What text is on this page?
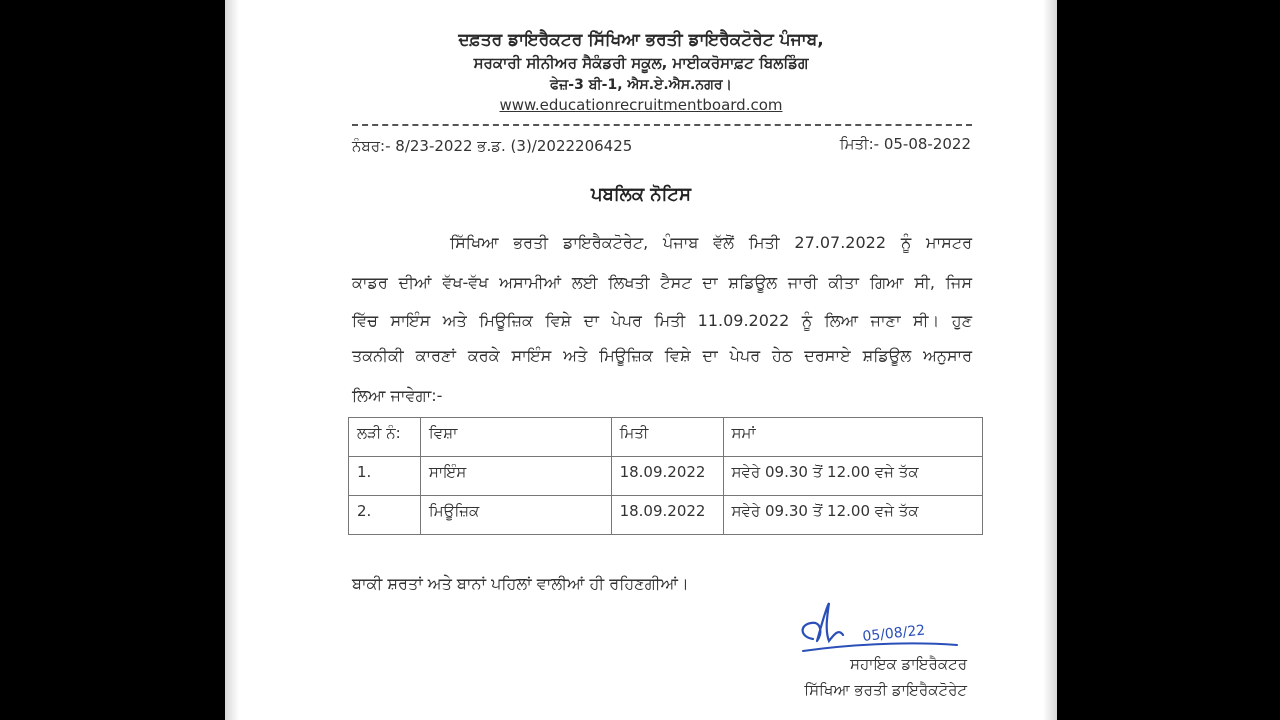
ਦਫ਼ਤਰ ਡਾਇਰੈਕਟਰ ਸਿੱਖਿਆ ਭਰਤੀ ਡਾਇਰੈਕਟੋਰੇਟ ਪੰਜਾਬ,
ਸਰਕਾਰੀ ਸੀਨੀਅਰ ਸੈਕੰਡਰੀ ਸਕੂਲ, ਮਾਈਕਰੋਸਾਫ਼ਟ ਬਿਲਡਿੰਗ
ਫੇਜ਼-3 ਬੀ-1, ਐਸ.ਏ.ਐਸ.ਨਗਰ।
www.educationrecruitmentboard.com
ਨੰਬਰ:- 8/23-2022 ਭ.ਡ. (3)/2022206425	ਮਿਤੀ:- 05-08-2022
ਪਬਲਿਕ ਨੋਟਿਸ
ਸਿੱਖਿਆ ਭਰਤੀ ਡਾਇਰੈਕਟੋਰੇਟ, ਪੰਜਾਬ ਵੱਲੋਂ ਮਿਤੀ 27.07.2022 ਨੂੰ ਮਾਸਟਰ
ਕਾਡਰ ਦੀਆਂ ਵੱਖ-ਵੱਖ ਅਸਾਮੀਆਂ ਲਈ ਲਿਖਤੀ ਟੈਸਟ ਦਾ ਸ਼ਡਿਊਲ ਜਾਰੀ ਕੀਤਾ ਗਿਆ ਸੀ, ਜਿਸ
ਵਿੱਚ ਸਾਇੰਸ ਅਤੇ ਮਿਊਜ਼ਿਕ ਵਿਸ਼ੇ ਦਾ ਪੇਪਰ ਮਿਤੀ 11.09.2022 ਨੂੰ ਲਿਆ ਜਾਣਾ ਸੀ। ਹੁਣ
ਤਕਨੀਕੀ ਕਾਰਣਾਂ ਕਰਕੇ ਸਾਇੰਸ ਅਤੇ ਮਿਊਜ਼ਿਕ ਵਿਸ਼ੇ ਦਾ ਪੇਪਰ ਹੇਠ ਦਰਸਾਏ ਸ਼ਡਿਊਲ ਅਨੁਸਾਰ
ਲਿਆ ਜਾਵੇਗਾ:-
ਲੜੀ ਨੰ:	ਵਿਸ਼ਾ	ਮਿਤੀ	ਸਮਾਂ
1.	ਸਾਇੰਸ	18.09.2022	ਸਵੇਰੇ 09.30 ਤੋਂ 12.00 ਵਜੇ ਤੱਕ
2.	ਮਿਊਜ਼ਿਕ	18.09.2022	ਸਵੇਰੇ 09.30 ਤੋਂ 12.00 ਵਜੇ ਤੱਕ
ਬਾਕੀ ਸ਼ਰਤਾਂ ਅਤੇ ਬਾਨਾਂ ਪਹਿਲਾਂ ਵਾਲੀਆਂ ਹੀ ਰਹਿਣਗੀਆਂ।
05/08/22
ਸਹਾਇਕ ਡਾਇਰੈਕਟਰ
ਸਿੱਖਿਆ ਭਰਤੀ ਡਾਇਰੈਕਟੋਰੇਟ
